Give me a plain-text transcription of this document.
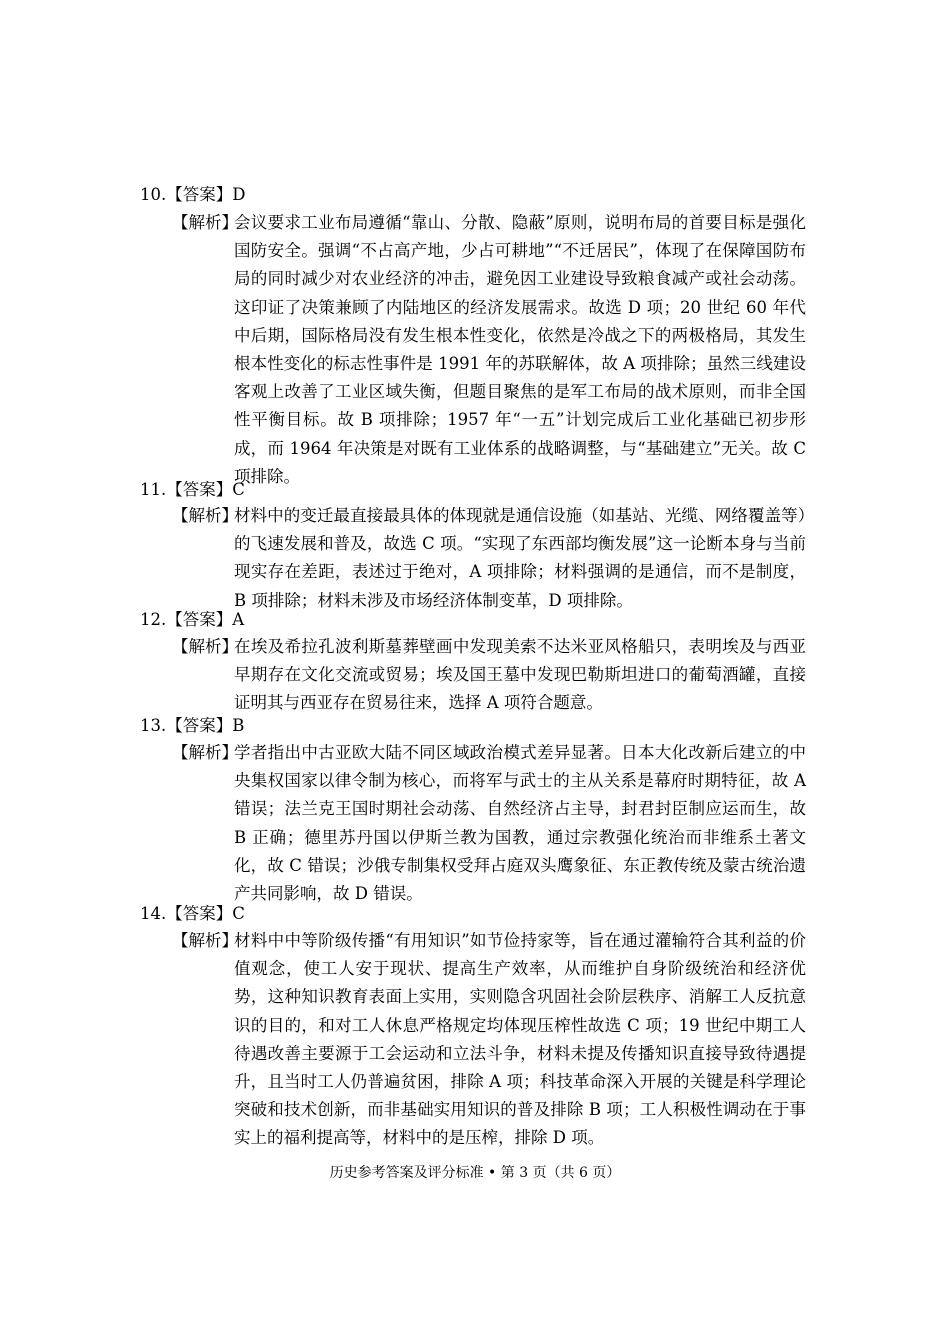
10.【答案】D
【解析】
会议要求工业布局遵循“靠山、分散、隐蔽”原则，说明布局的首要目标是强化国防安全。强调“不占高产地，少占可耕地”“不迁居民”，体现了在保障国防布局的同时减少对农业经济的冲击，避免因工业建设导致粮食减产或社会动荡。这印证了决策兼顾了内陆地区的经济发展需求。故选 D 项；20 世纪 60 年代中后期，国际格局没有发生根本性变化，依然是冷战之下的两极格局，其发生根本性变化的标志性事件是 1991 年的苏联解体，故 A 项排除；虽然三线建设客观上改善了工业区域失衡，但题目聚焦的是军工布局的战术原则，而非全国性平衡目标。故 B 项排除；1957 年“一五”计划完成后工业化基础已初步形成，而 1964 年决策是对既有工业体系的战略调整，与“基础建立”无关。故 C 项排除。
11.【答案】C
【解析】
材料中的变迁最直接最具体的体现就是通信设施（如基站、光缆、网络覆盖等）的飞速发展和普及，故选 C 项。“实现了东西部均衡发展”这一论断本身与当前现实存在差距，表述过于绝对，A 项排除；材料强调的是通信，而不是制度，B 项排除；材料未涉及市场经济体制变革，D 项排除。
12.【答案】A
【解析】
在埃及希拉孔波利斯墓葬壁画中发现美索不达米亚风格船只，表明埃及与西亚早期存在文化交流或贸易；埃及国王墓中发现巴勒斯坦进口的葡萄酒罐，直接证明其与西亚存在贸易往来，选择 A 项符合题意。
13.【答案】B
【解析】
学者指出中古亚欧大陆不同区域政治模式差异显著。日本大化改新后建立的中央集权国家以律令制为核心，而将军与武士的主从关系是幕府时期特征，故 A 错误；法兰克王国时期社会动荡、自然经济占主导，封君封臣制应运而生，故 B 正确；德里苏丹国以伊斯兰教为国教，通过宗教强化统治而非维系土著文化，故 C 错误；沙俄专制集权受拜占庭双头鹰象征、东正教传统及蒙古统治遗产共同影响，故 D 错误。
14.【答案】C
【解析】
材料中中等阶级传播“有用知识”如节俭持家等，旨在通过灌输符合其利益的价值观念，使工人安于现状、提高生产效率，从而维护自身阶级统治和经济优势，这种知识教育表面上实用，实则隐含巩固社会阶层秩序、消解工人反抗意识的目的，和对工人休息严格规定均体现压榨性故选 C 项；19 世纪中期工人待遇改善主要源于工会运动和立法斗争，材料未提及传播知识直接导致待遇提升，且当时工人仍普遍贫困，排除 A 项；科技革命深入开展的关键是科学理论突破和技术创新，而非基础实用知识的普及排除 B 项；工人积极性调动在于事实上的福利提高等，材料中的是压榨，排除 D 项。
历史参考答案及评分标准 • 第 3 页（共 6 页）
